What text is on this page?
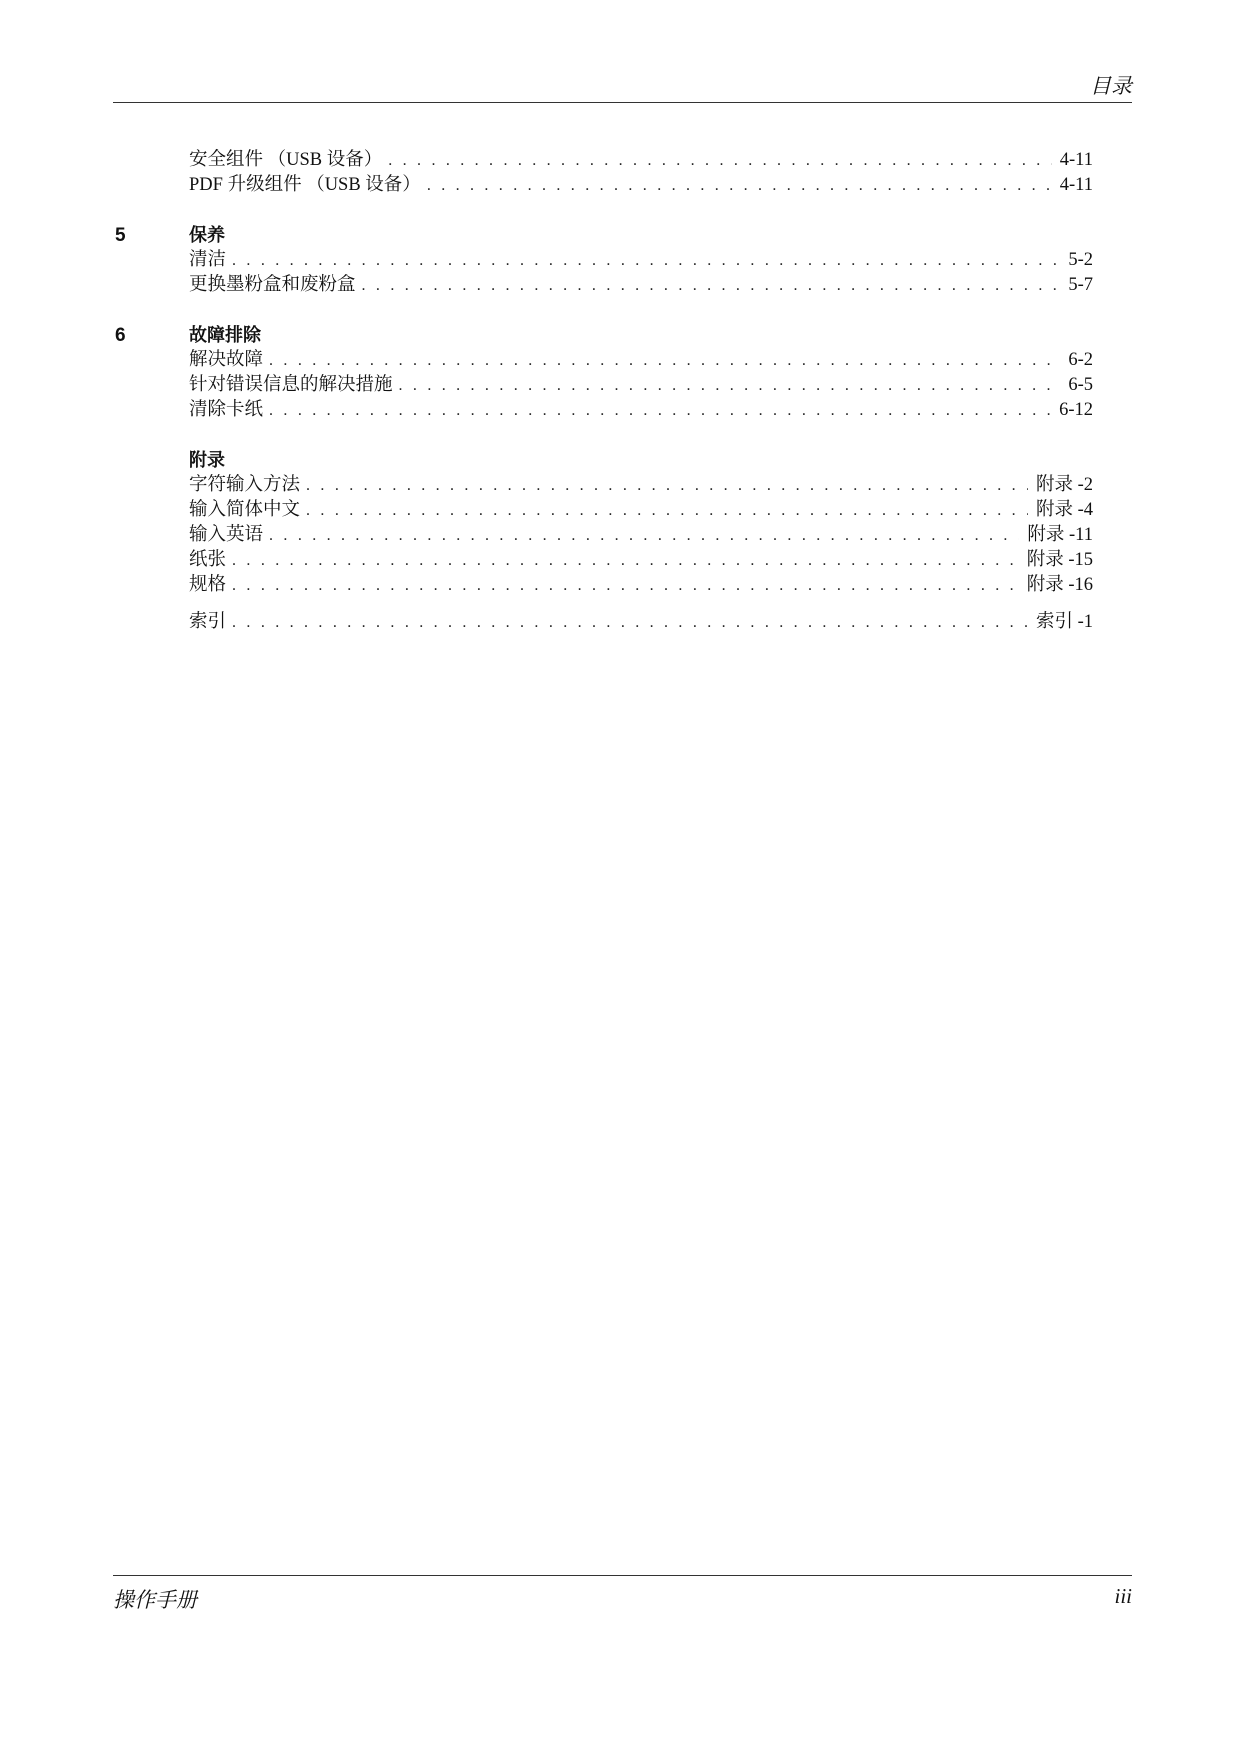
目录
安全组件 （USB 设备） . . .	4-11
PDF 升级组件 （USB 设备） . . .	4-11
5	保养
清洁 . . .	5-2
更换墨粉盒和废粉盒 . . .	5-7
6	故障排除
解决故障 . . .	6-2
针对错误信息的解决措施 . . .	6-5
清除卡纸 . . .	6-12
附录
字符输入方法 . . .	附录 -2
输入简体中文 . . .	附录 -4
输入英语 . . .	附录 -11
纸张 . . .	附录 -15
规格 . . .	附录 -16
索引 . . .	索引 -1
操作手册	iii
